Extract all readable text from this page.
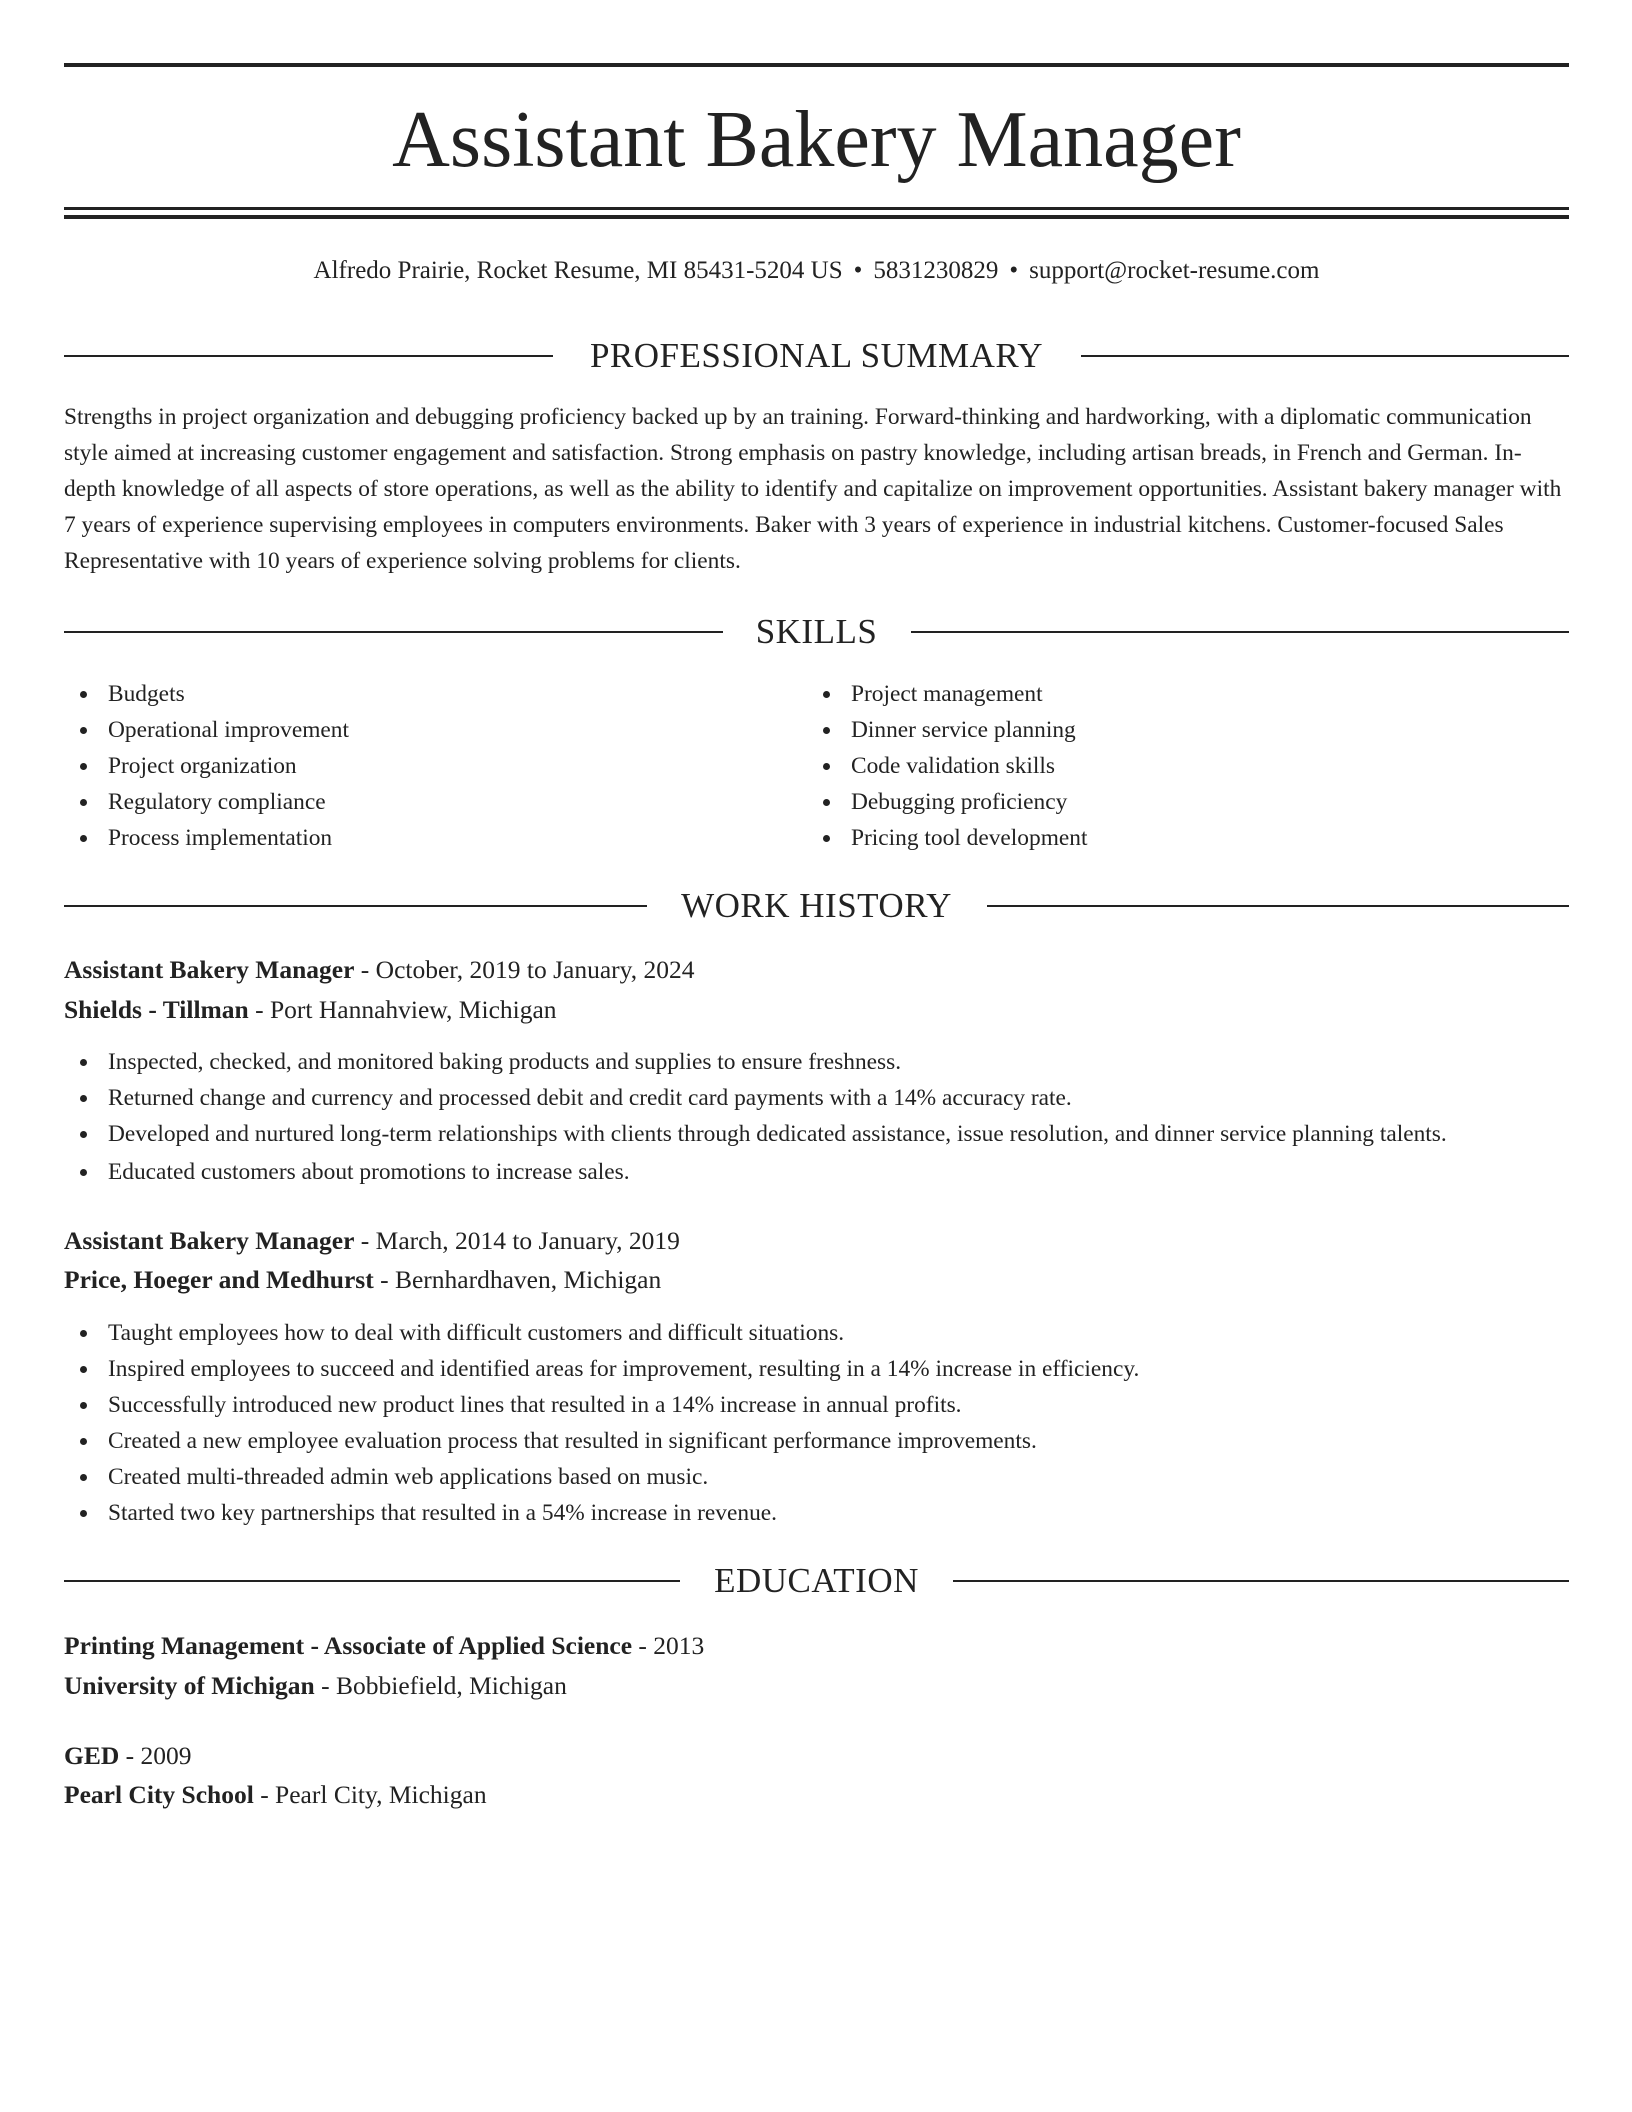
Assistant Bakery Manager
Alfredo Prairie, Rocket Resume, MI 85431-5204 US • 5831230829 • support@rocket-resume.com
PROFESSIONAL SUMMARY

Strengths in project organization and debugging proficiency backed up by an training. Forward-thinking and hardworking, with a diplomatic communication style aimed at increasing customer engagement and satisfaction. Strong emphasis on pastry knowledge, including artisan breads, in French and German. In-depth knowledge of all aspects of store operations, as well as the ability to identify and capitalize on improvement opportunities. Assistant bakery manager with 7 years of experience supervising employees in computers environments. Baker with 3 years of experience in industrial kitchens. Customer-focused Sales Representative with 10 years of experience solving problems for clients.

SKILLS
Budgets
Operational improvement
Project organization
Regulatory compliance
Process implementation
Project management
Dinner service planning
Code validation skills
Debugging proficiency
Pricing tool development
WORK HISTORY
Assistant Bakery Manager - October, 2019 to January, 2024
Shields - Tillman - Port Hannahview, Michigan
Inspected, checked, and monitored baking products and supplies to ensure freshness.
Returned change and currency and processed debit and credit card payments with a 14% accuracy rate.
Developed and nurtured long-term relationships with clients through dedicated assistance, issue resolution, and dinner service planning talents.
Educated customers about promotions to increase sales.
Assistant Bakery Manager - March, 2014 to January, 2019
Price, Hoeger and Medhurst - Bernhardhaven, Michigan
Taught employees how to deal with difficult customers and difficult situations.
Inspired employees to succeed and identified areas for improvement, resulting in a 14% increase in efficiency.
Successfully introduced new product lines that resulted in a 14% increase in annual profits.
Created a new employee evaluation process that resulted in significant performance improvements.
Created multi-threaded admin web applications based on music.
Started two key partnerships that resulted in a 54% increase in revenue.
EDUCATION
Printing Management - Associate of Applied Science - 2013
University of Michigan - Bobbiefield, Michigan
GED - 2009
Pearl City School - Pearl City, Michigan
